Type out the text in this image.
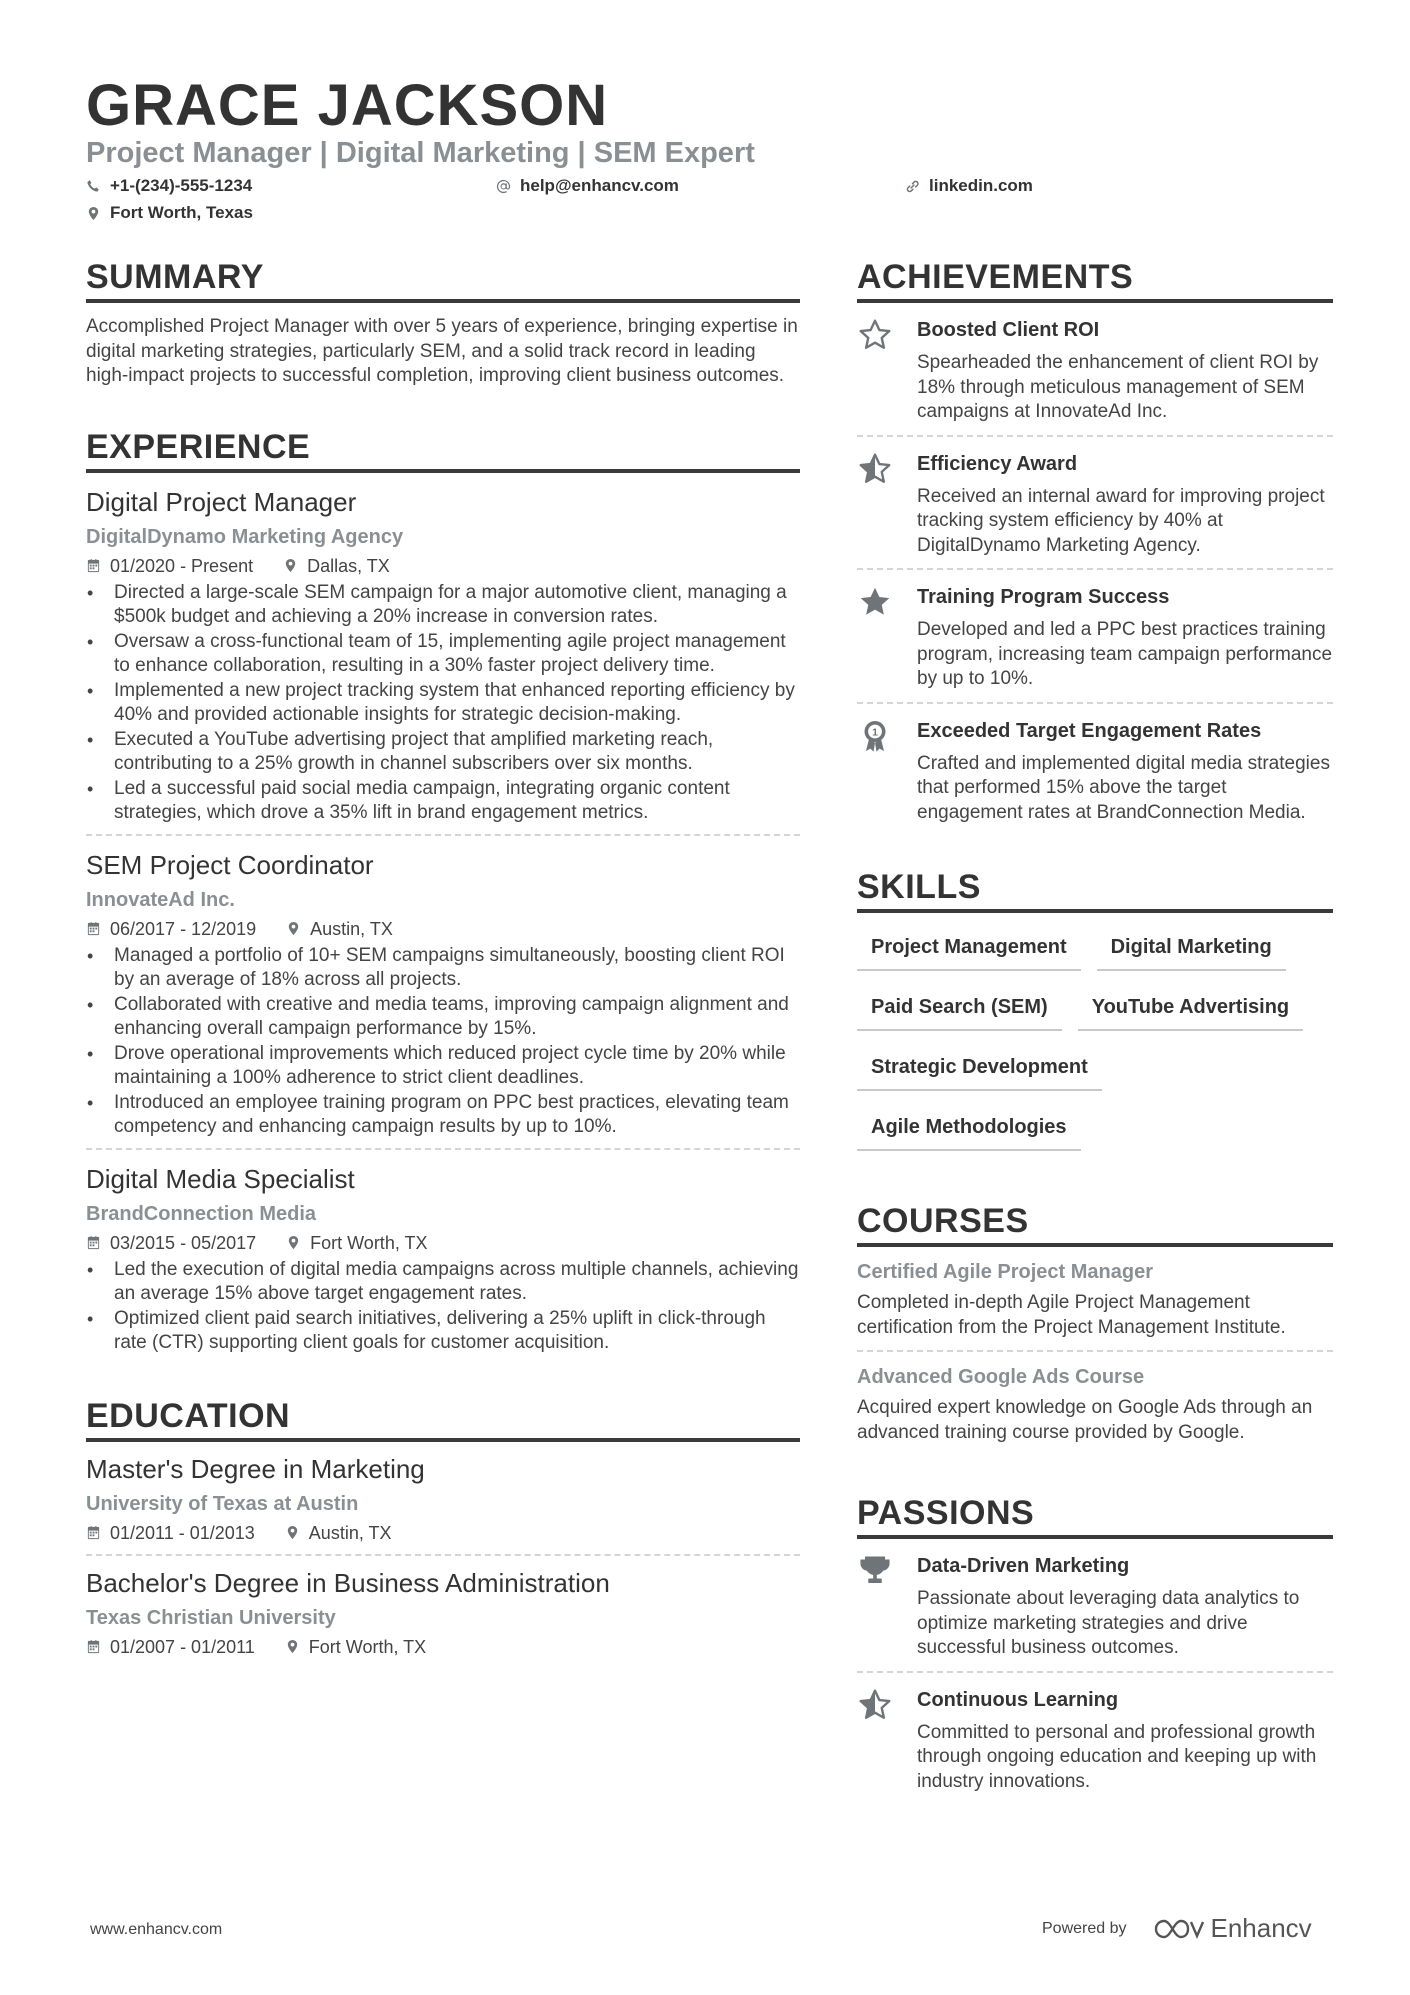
GRACE JACKSON
Project Manager | Digital Marketing | SEM Expert
+1-(234)-555-1234	help@enhancv.com	linkedin.com
Fort Worth, Texas
SUMMARY

Accomplished Project Manager with over 5 years of experience, bringing expertise in digital marketing strategies, particularly SEM, and a solid track record in leading high-impact projects to successful completion, improving client business outcomes.

EXPERIENCE

Digital Project Manager

DigitalDynamo Marketing Agency

01/2020 - Present	Dallas, TX
• Directed a large-scale SEM campaign for a major automotive client, managing a $500k budget and achieving a 20% increase in conversion rates.
• Oversaw a cross-functional team of 15, implementing agile project management to enhance collaboration, resulting in a 30% faster project delivery time.
• Implemented a new project tracking system that enhanced reporting efficiency by 40% and provided actionable insights for strategic decision-making.
• Executed a YouTube advertising project that amplified marketing reach, contributing to a 25% growth in channel subscribers over six months.
• Led a successful paid social media campaign, integrating organic content strategies, which drove a 35% lift in brand engagement metrics.

SEM Project Coordinator

InnovateAd Inc.

06/2017 - 12/2019	Austin, TX
• Managed a portfolio of 10+ SEM campaigns simultaneously, boosting client ROI by an average of 18% across all projects.
• Collaborated with creative and media teams, improving campaign alignment and enhancing overall campaign performance by 15%.
• Drove operational improvements which reduced project cycle time by 20% while maintaining a 100% adherence to strict client deadlines.
• Introduced an employee training program on PPC best practices, elevating team competency and enhancing campaign results by up to 10%.

Digital Media Specialist

BrandConnection Media

03/2015 - 05/2017	Fort Worth, TX
• Led the execution of digital media campaigns across multiple channels, achieving an average 15% above target engagement rates.
• Optimized client paid search initiatives, delivering a 25% uplift in click-through rate (CTR) supporting client goals for customer acquisition.
EDUCATION

Master's Degree in Marketing

University of Texas at Austin

01/2011 - 01/2013	Austin, TX

Bachelor's Degree in Business Administration

Texas Christian University

01/2007 - 01/2011	Fort Worth, TX
ACHIEVEMENTS

Boosted Client ROI

Spearheaded the enhancement of client ROI by 18% through meticulous management of SEM campaigns at InnovateAd Inc.

Efficiency Award

Received an internal award for improving project tracking system efficiency by 40% at DigitalDynamo Marketing Agency.

Training Program Success

Developed and led a PPC best practices training program, increasing team campaign performance by up to 10%.

1 Exceeded Target Engagement Rates

Crafted and implemented digital media strategies that performed 15% above the target engagement rates at BrandConnection Media.

SKILLS
Project Management	Digital Marketing
Paid Search (SEM)	YouTube Advertising
Strategic Development
Agile Methodologies
COURSES

Certified Agile Project Manager

Completed in-depth Agile Project Management certification from the Project Management Institute.

Advanced Google Ads Course

Acquired expert knowledge on Google Ads through an advanced training course provided by Google.

PASSIONS

Data-Driven Marketing

Passionate about leveraging data analytics to optimize marketing strategies and drive successful business outcomes.

Continuous Learning

Committed to personal and professional growth through ongoing education and keeping up with industry innovations.

www.enhancv.com	Powered by	Enhancv
